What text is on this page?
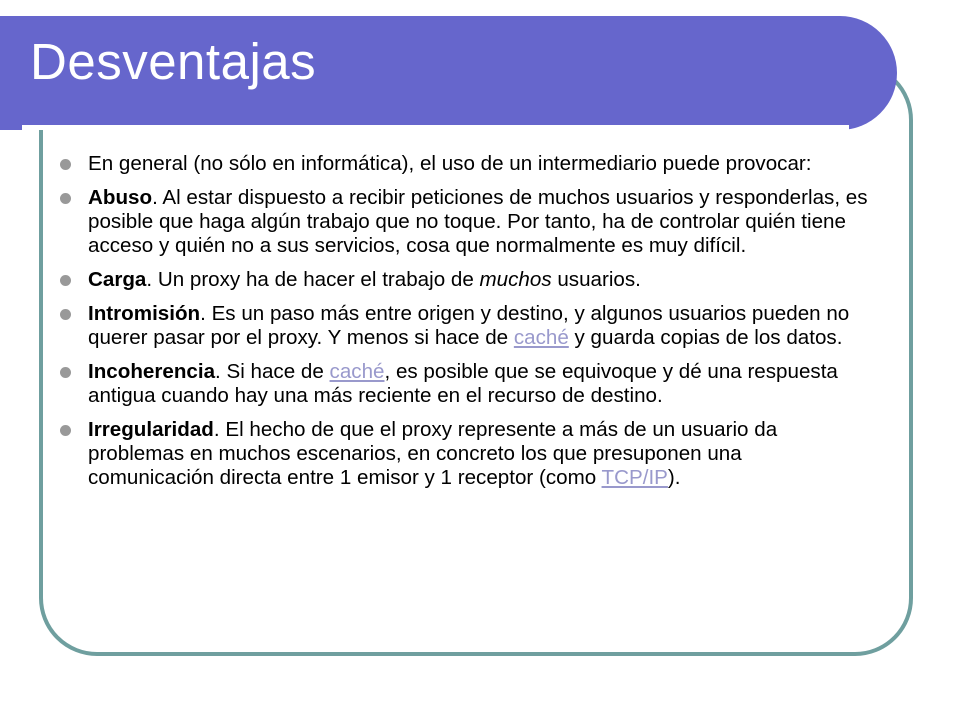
Desventajas
En general (no sólo en informática), el uso de un intermediario puede provocar:
Abuso. Al estar dispuesto a recibir peticiones de muchos usuarios y responderlas, es posible que haga algún trabajo que no toque. Por tanto, ha de controlar quién tiene acceso y quién no a sus servicios, cosa que normalmente es muy difícil.
Carga. Un proxy ha de hacer el trabajo de muchos usuarios.
Intromisión. Es un paso más entre origen y destino, y algunos usuarios pueden no querer pasar por el proxy. Y menos si hace de caché y guarda copias de los datos.
Incoherencia. Si hace de caché, es posible que se equivoque y dé una respuesta antigua cuando hay una más reciente en el recurso de destino.
Irregularidad. El hecho de que el proxy represente a más de un usuario da problemas en muchos escenarios, en concreto los que presuponen una comunicación directa entre 1 emisor y 1 receptor (como TCP/IP).
